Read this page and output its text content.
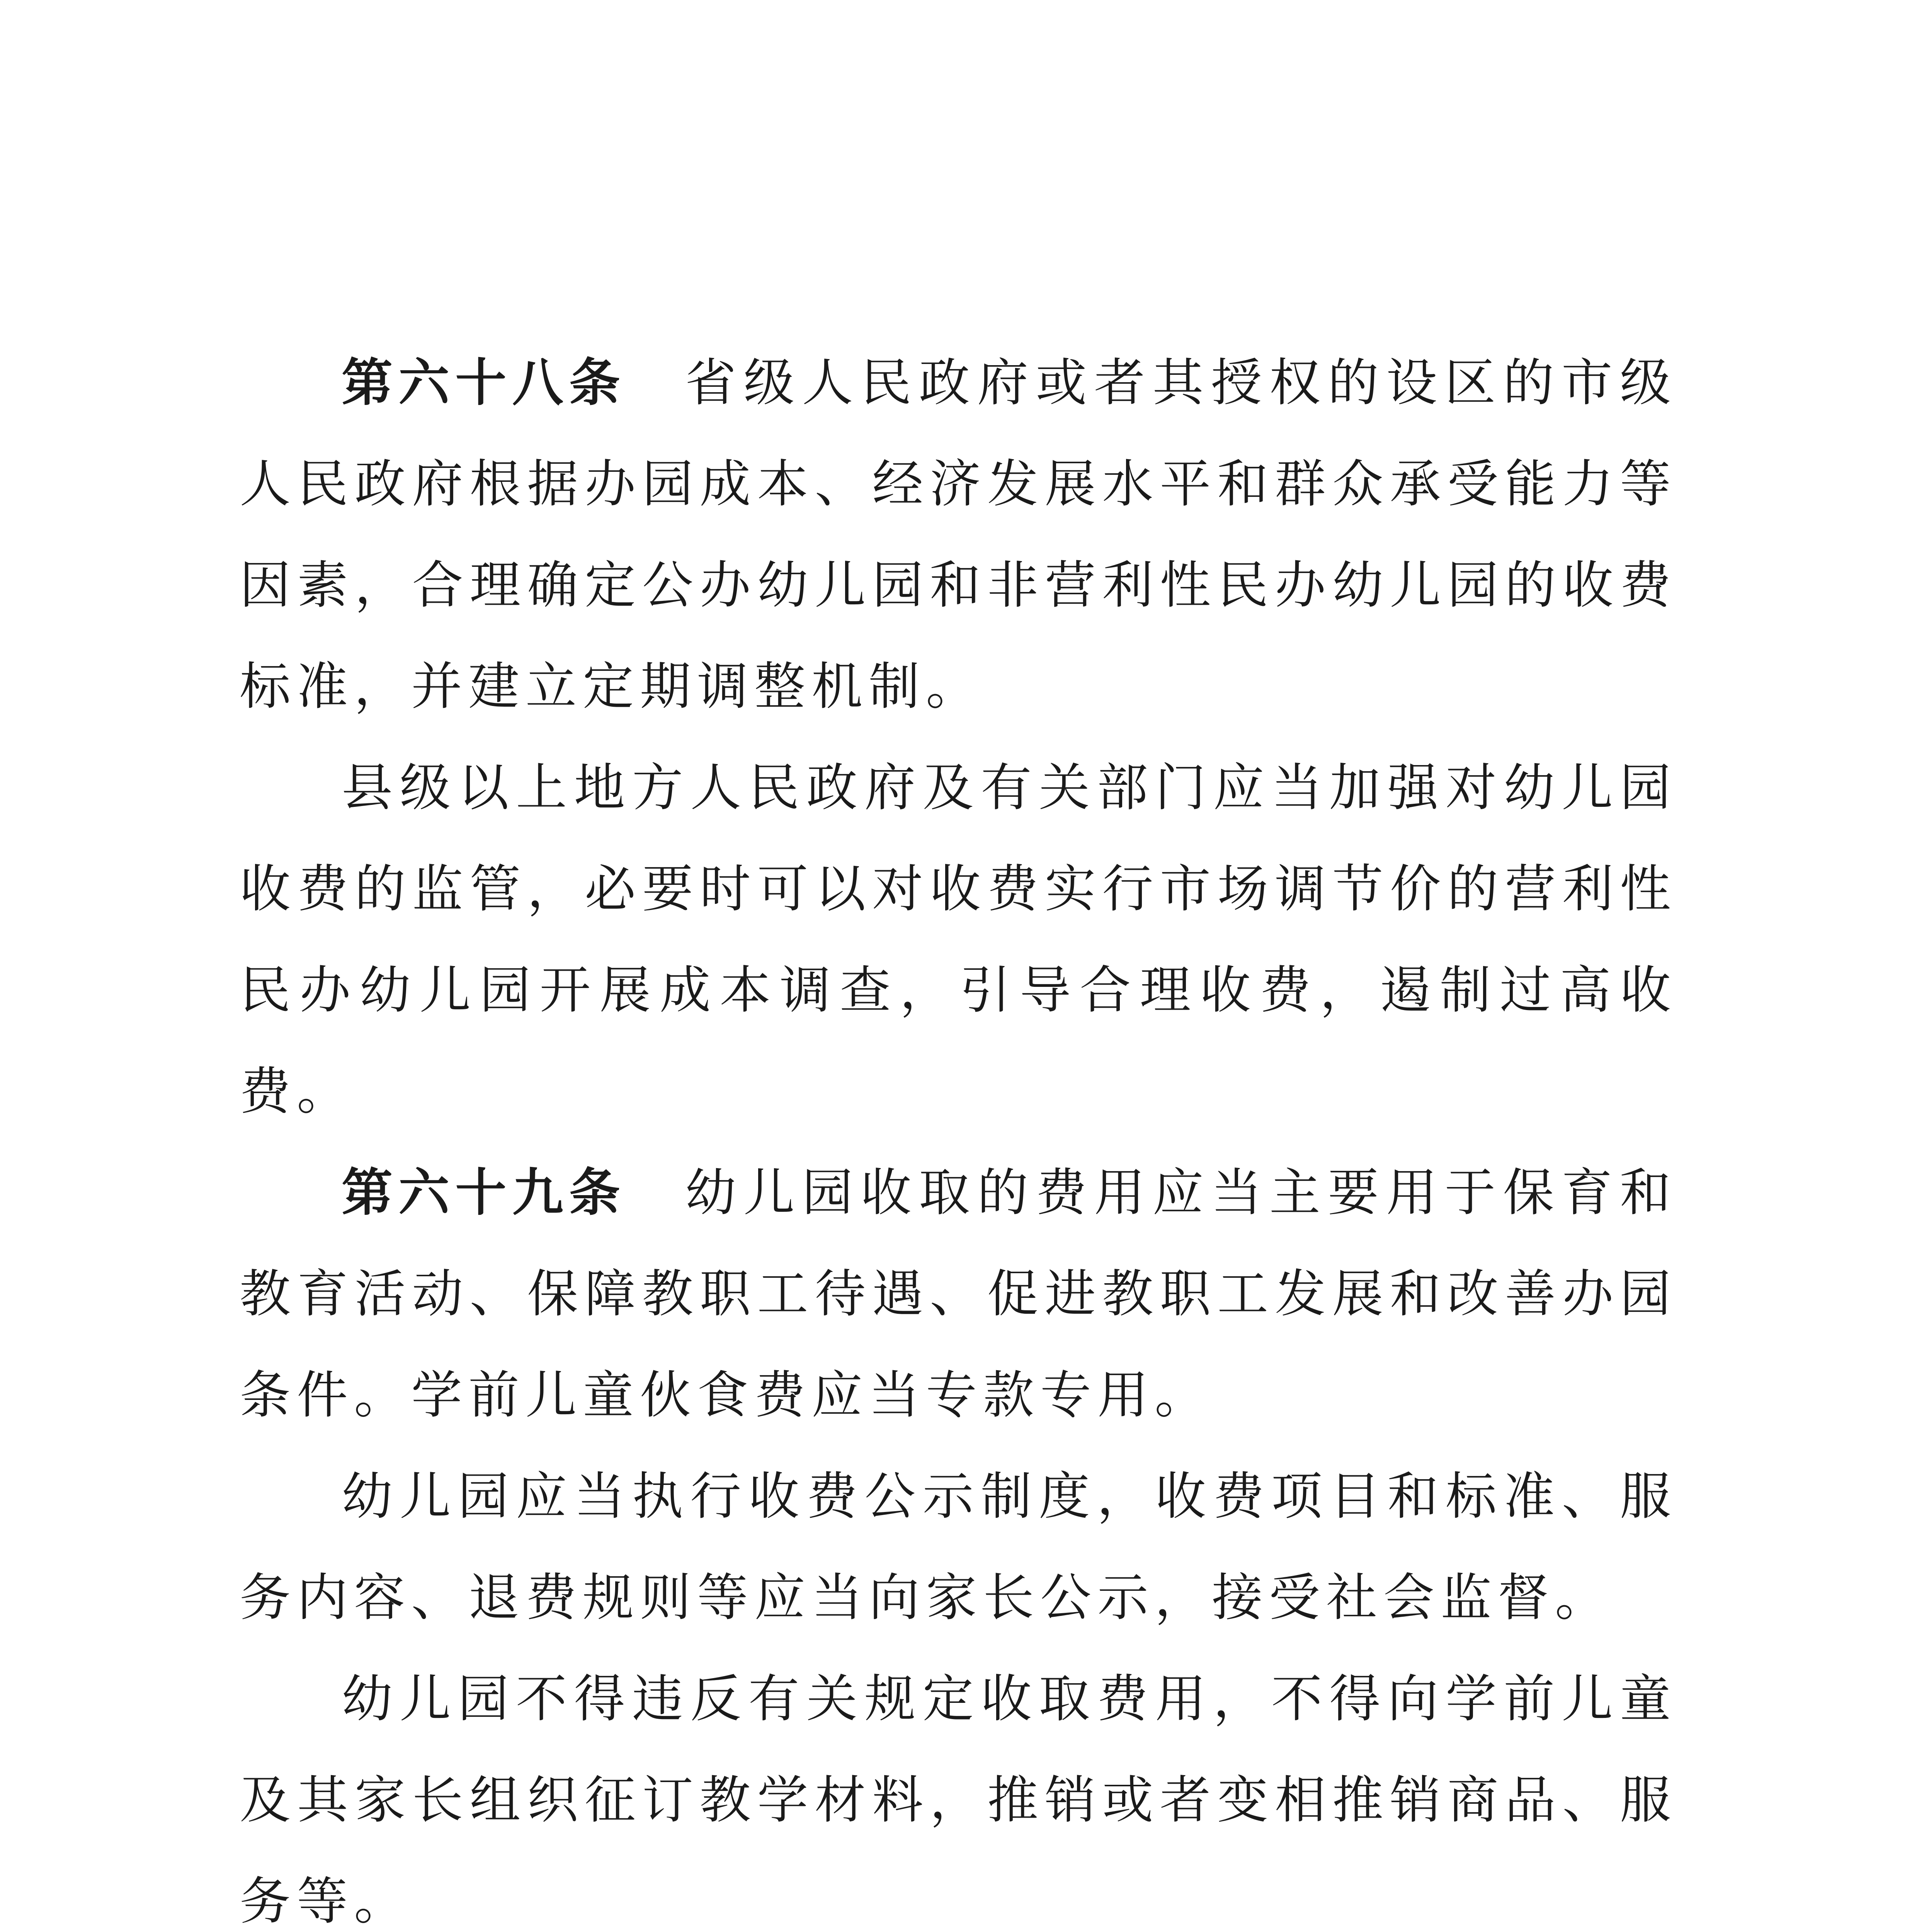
第六十八条 省级人民政府或者其授权的设区的市级人民政府根据办园成本、经济发展水平和群众承受能力等因素，合理确定公办幼儿园和非营利性民办幼儿园的收费标准，并建立定期调整机制。

县级以上地方人民政府及有关部门应当加强对幼儿园收费的监管，必要时可以对收费实行市场调节价的营利性民办幼儿园开展成本调查，引导合理收费，遏制过高收费。

第六十九条 幼儿园收取的费用应当主要用于保育和教育活动、保障教职工待遇、促进教职工发展和改善办园条件。学前儿童伙食费应当专款专用。

幼儿园应当执行收费公示制度，收费项目和标准、服务内容、退费规则等应当向家长公示，接受社会监督。

幼儿园不得违反有关规定收取费用，不得向学前儿童及其家长组织征订教学材料，推销或者变相推销商品、服务等。
